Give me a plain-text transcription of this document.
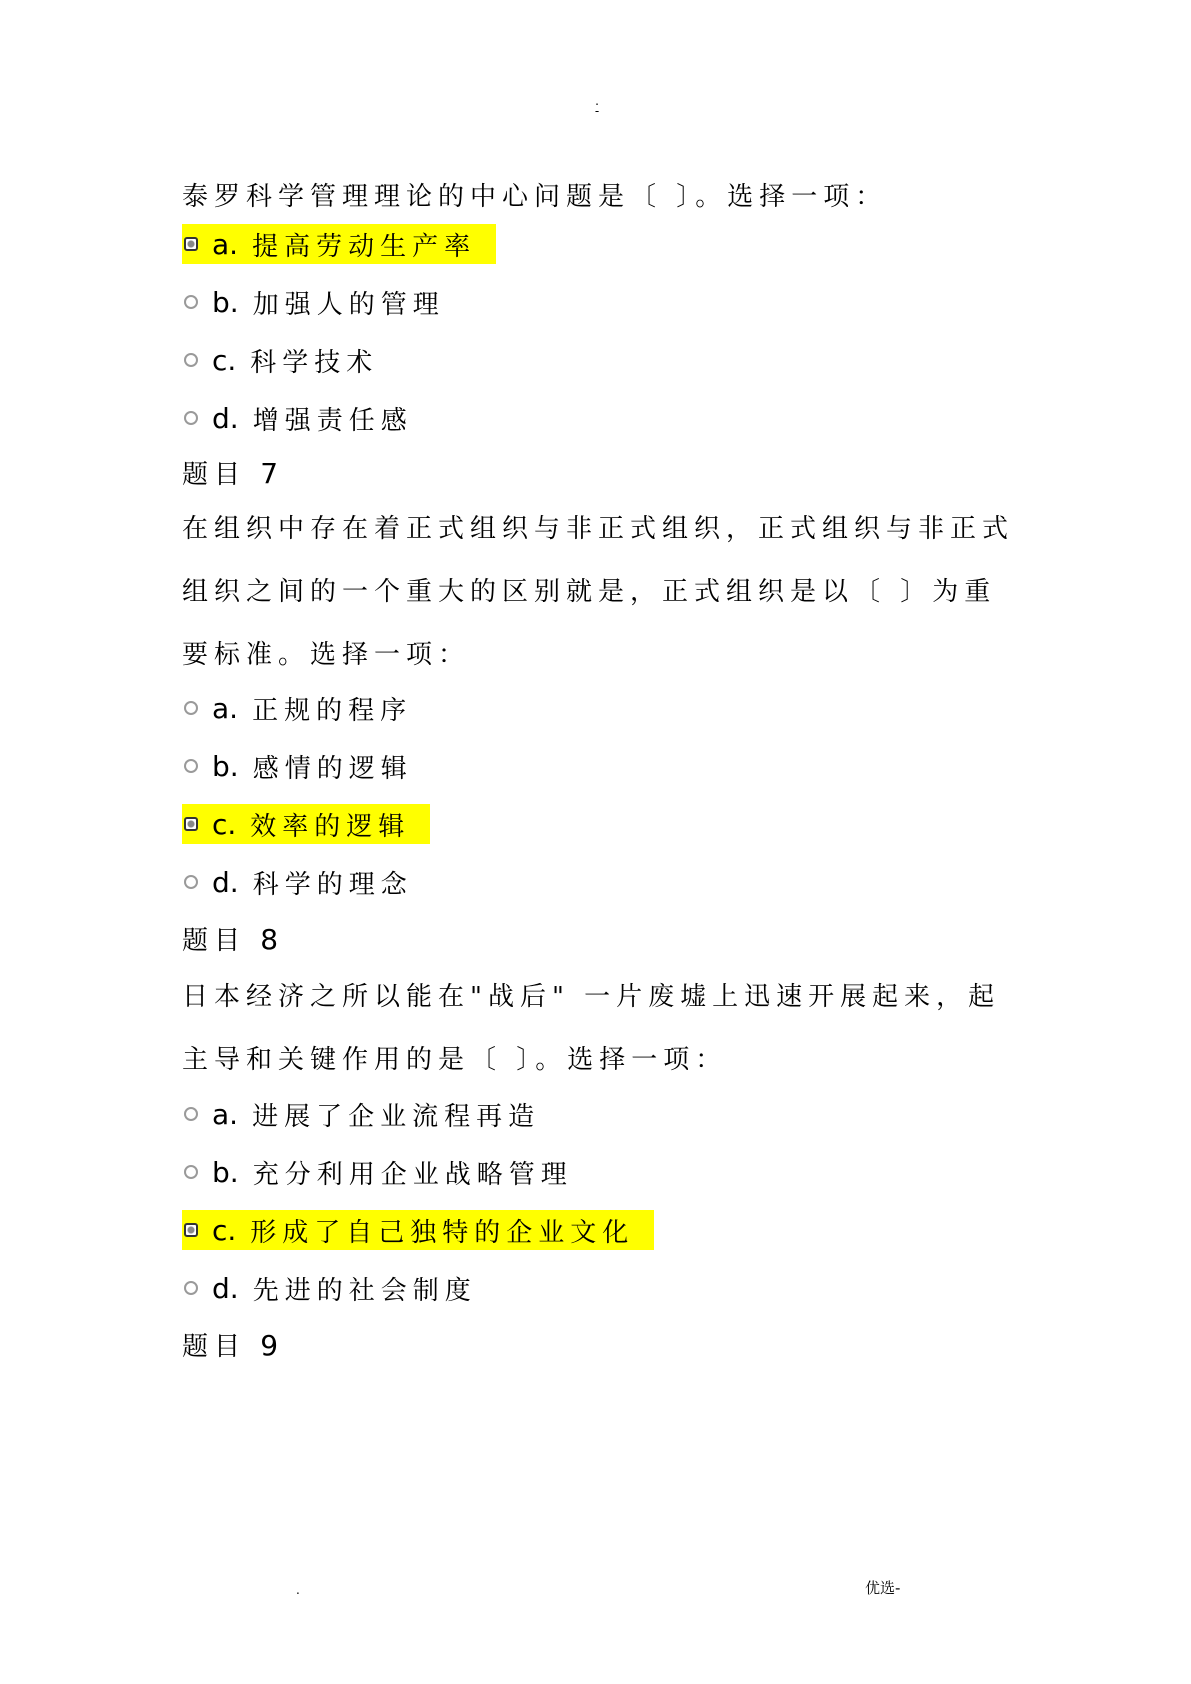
.
-

泰罗科学管理理论的中心问题是〔 〕。选择一项：

a. 提高劳动生产率
b. 加强人的管理
c. 科学技术
d. 增强责任感
题目 7

在组织中存在着正式组织与非正式组织，正式组织与非正式组织之间的一个重大的区别就是，正式组织是以〔 〕为重要标准。选择一项：

a. 正规的程序
b. 感情的逻辑
c. 效率的逻辑
d. 科学的理念
题目 8

日本经济之所以能在"战后" 一片废墟上迅速开展起来，起主导和关键作用的是〔 〕。选择一项：

a. 进展了企业流程再造
b. 充分利用企业战略管理
c. 形成了自己独特的企业文化
d. 先进的社会制度
题目 9
.	优选-
